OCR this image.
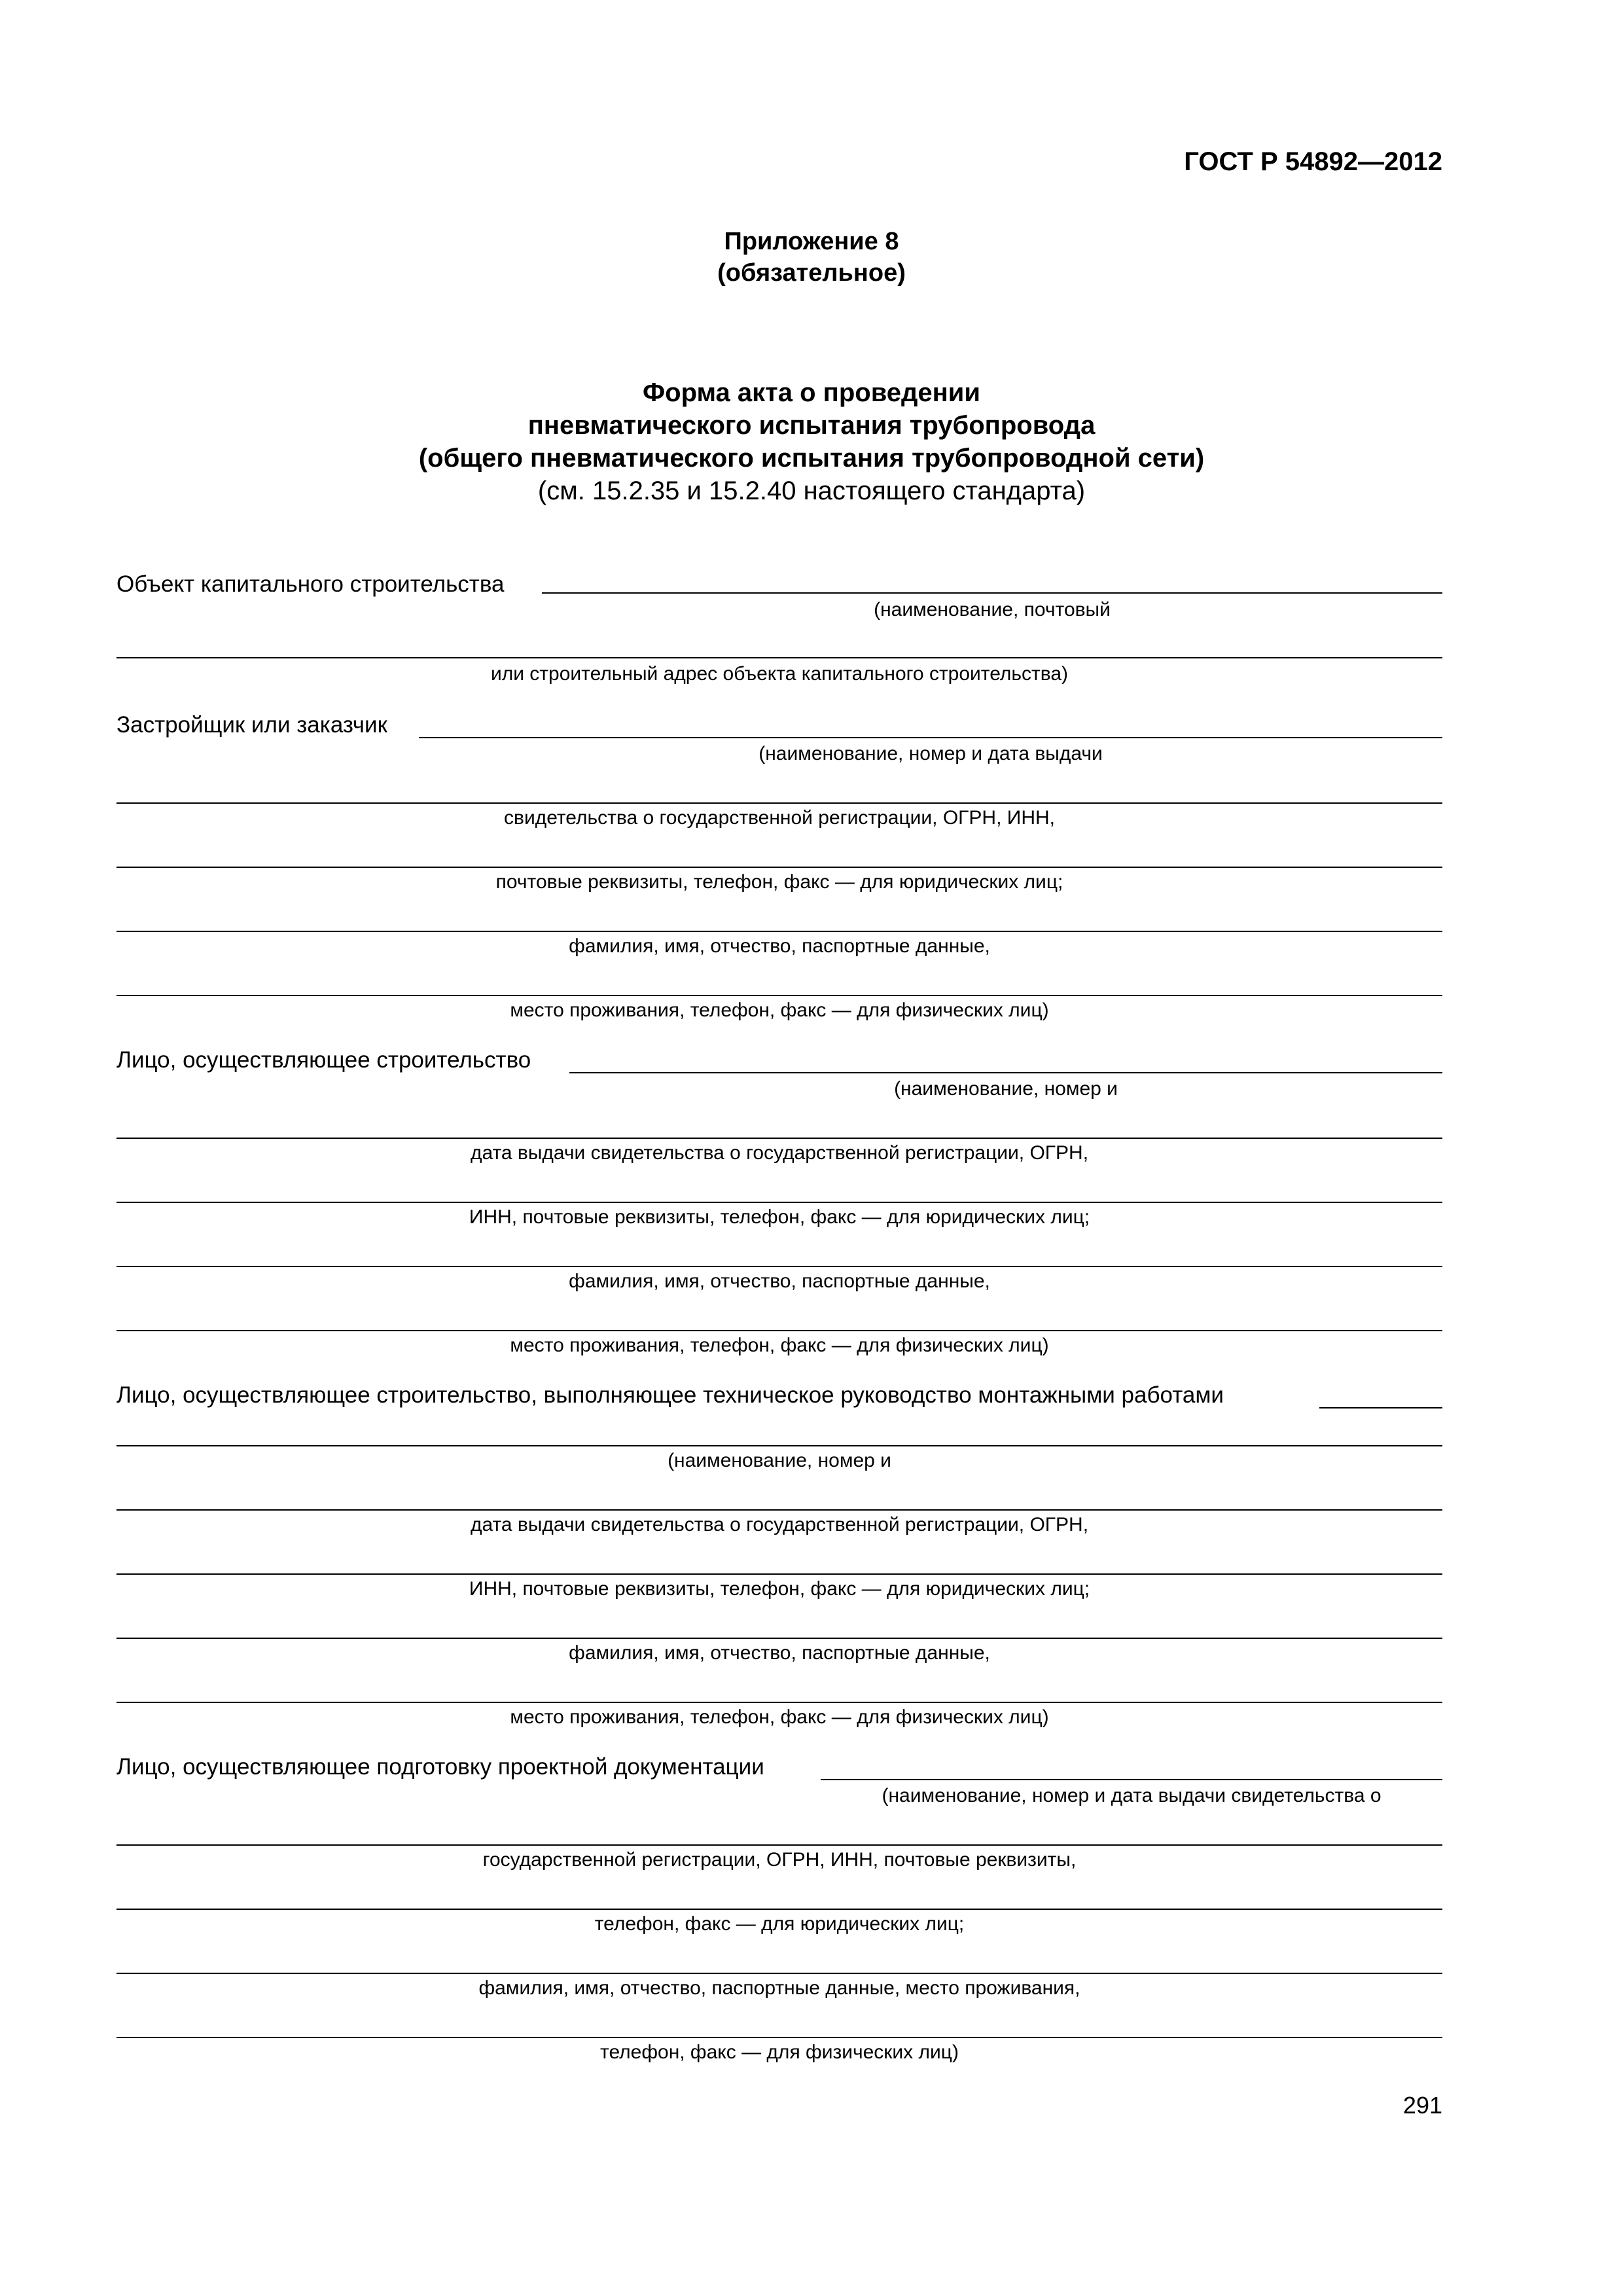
ГОСТ Р 54892—2012
Приложение 8
(обязательное)
Форма акта о проведении
пневматического испытания трубопровода
(общего пневматического испытания трубопроводной сети)
(см. 15.2.35 и 15.2.40 настоящего стандарта)
Объект капитального строительства
(наименование, почтовый
или строительный адрес объекта капитального строительства)
Застройщик или заказчик
(наименование, номер и дата выдачи
свидетельства о государственной регистрации, ОГРН, ИНН,
почтовые реквизиты, телефон, факс — для юридических лиц;
фамилия, имя, отчество, паспортные данные,
место проживания, телефон, факс — для физических лиц)
Лицо, осуществляющее строительство
(наименование, номер и
дата выдачи свидетельства о государственной регистрации, ОГРН,
ИНН, почтовые реквизиты, телефон, факс — для юридических лиц;
фамилия, имя, отчество, паспортные данные,
место проживания, телефон, факс — для физических лиц)
Лицо, осуществляющее строительство, выполняющее техническое руководство монтажными работами
(наименование, номер и
дата выдачи свидетельства о государственной регистрации, ОГРН,
ИНН, почтовые реквизиты, телефон, факс — для юридических лиц;
фамилия, имя, отчество, паспортные данные,
место проживания, телефон, факс — для физических лиц)
Лицо, осуществляющее подготовку проектной документации
(наименование, номер и дата выдачи свидетельства о
государственной регистрации, ОГРН, ИНН, почтовые реквизиты,
телефон, факс — для юридических лиц;
фамилия, имя, отчество, паспортные данные, место проживания,
телефон, факс — для физических лиц)
291
